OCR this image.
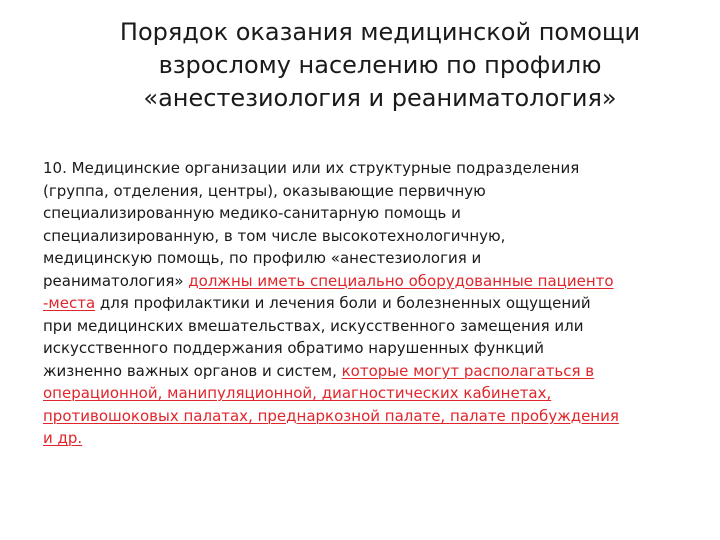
Порядок оказания медицинской помощи
взрослому населению по профилю
«анестезиология и реаниматология»
10. Медицинские организации или их структурные подразделения
(группа, отделения, центры), оказывающие первичную
специализированную медико-санитарную помощь и
специализированную, в том числе высокотехнологичную,
медицинскую помощь, по профилю «анестезиология и
реаниматология» должны иметь специально оборудованные пациенто
-места для профилактики и лечения боли и болезненных ощущений
при медицинских вмешательствах, искусственного замещения или
искусственного поддержания обратимо нарушенных функций
жизненно важных органов и систем, которые могут располагаться в
операционной, манипуляционной, диагностических кабинетах,
противошоковых палатах, преднаркозной палате, палате пробуждения
и др.
